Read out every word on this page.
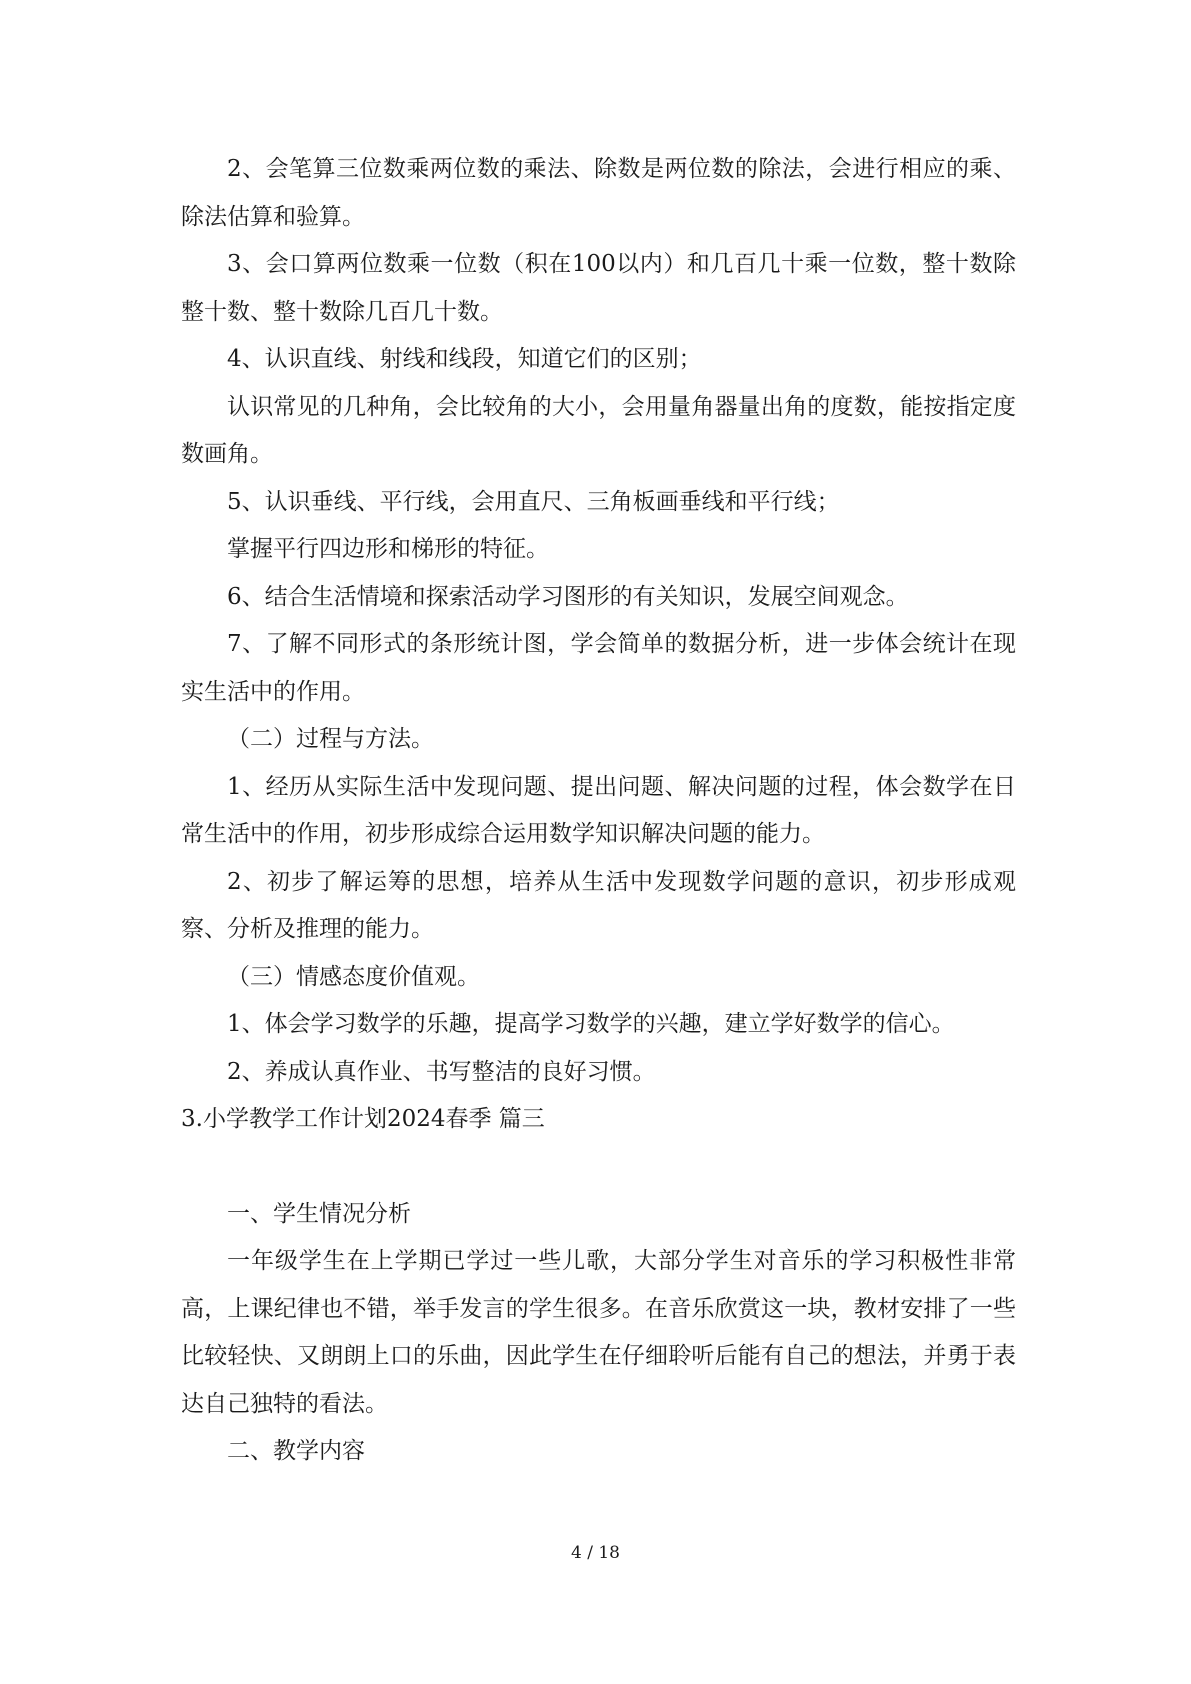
2、会笔算三位数乘两位数的乘法、除数是两位数的除法，会进行相应的乘、除法估算和验算。

3、会口算两位数乘一位数（积在100以内）和几百几十乘一位数，整十数除整十数、整十数除几百几十数。

4、认识直线、射线和线段，知道它们的区别；

认识常见的几种角，会比较角的大小，会用量角器量出角的度数，能按指定度数画角。

5、认识垂线、平行线，会用直尺、三角板画垂线和平行线；

掌握平行四边形和梯形的特征。

6、结合生活情境和探索活动学习图形的有关知识，发展空间观念。

7、了解不同形式的条形统计图，学会简单的数据分析，进一步体会统计在现实生活中的作用。

（二）过程与方法。

1、经历从实际生活中发现问题、提出问题、解决问题的过程，体会数学在日常生活中的作用，初步形成综合运用数学知识解决问题的能力。

2、初步了解运筹的思想，培养从生活中发现数学问题的意识，初步形成观察、分析及推理的能力。

（三）情感态度价值观。

1、体会学习数学的乐趣，提高学习数学的兴趣，建立学好数学的信心。

2、养成认真作业、书写整洁的良好习惯。

3.小学教学工作计划2024春季 篇三

一、学生情况分析

一年级学生在上学期已学过一些儿歌，大部分学生对音乐的学习积极性非常高，上课纪律也不错，举手发言的学生很多。在音乐欣赏这一块，教材安排了一些比较轻快、又朗朗上口的乐曲，因此学生在仔细聆听后能有自己的想法，并勇于表达自己独特的看法。

二、教学内容

4 / 18
